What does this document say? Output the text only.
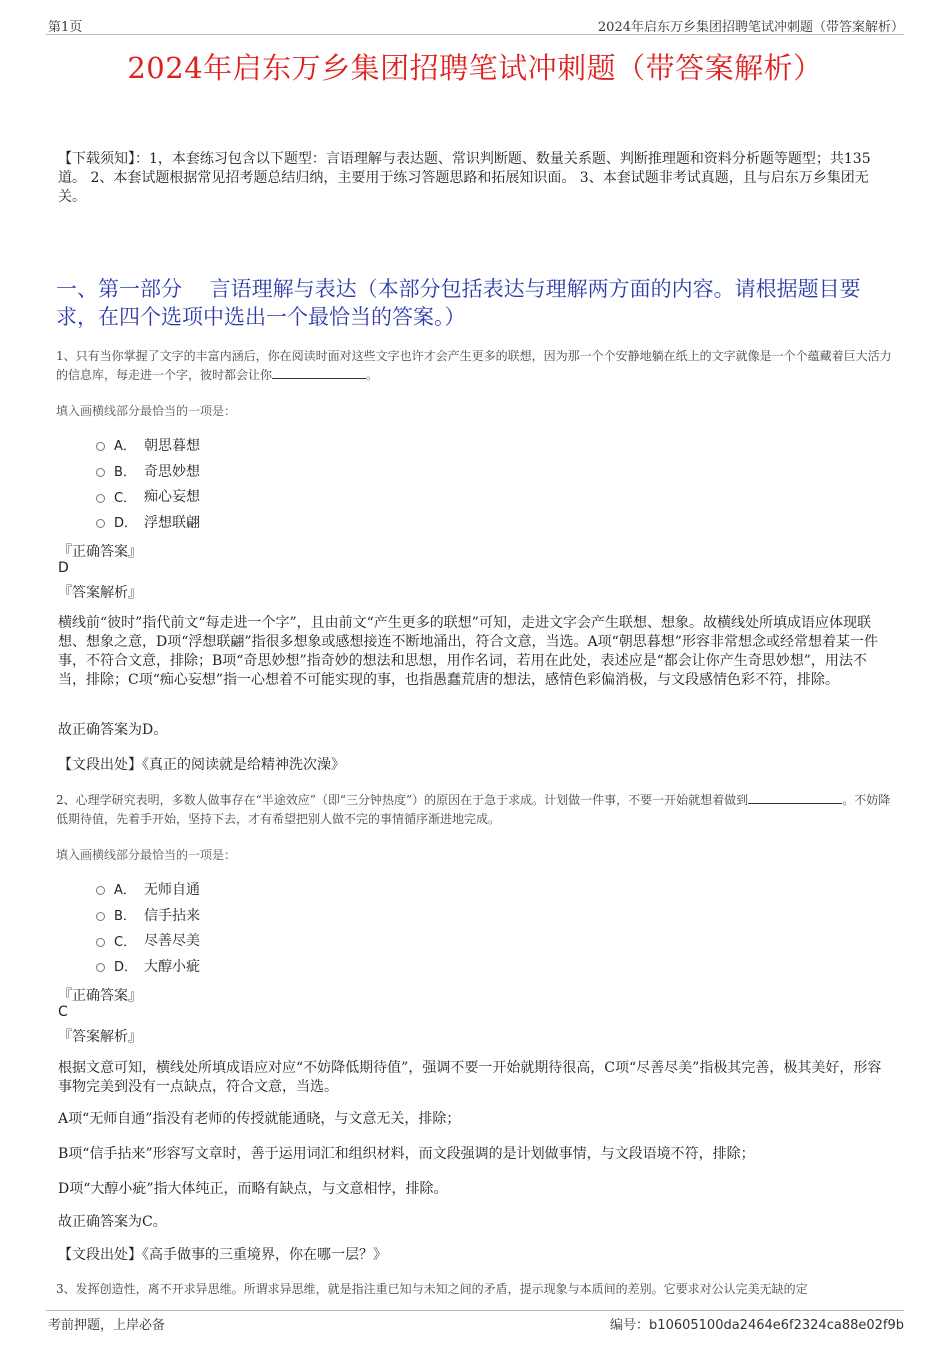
第1页	2024年启东万乡集团招聘笔试冲刺题（带答案解析）
2024年启东万乡集团招聘笔试冲刺题（带答案解析）
【下载须知】：1，本套练习包含以下题型：言语理解与表达题、常识判断题、数量关系题、判断推理题和资料分析题等题型；共135道。 2、本套试题根据常见招考题总结归纳，主要用于练习答题思路和拓展知识面。 3、本套试题非考试真题，且与启东万乡集团无关。
一、第一部分　 言语理解与表达（本部分包括表达与理解两方面的内容。请根据题目要求，在四个选项中选出一个最恰当的答案。）
1、只有当你掌握了文字的丰富内涵后，你在阅读时面对这些文字也许才会产生更多的联想，因为那一个个安静地躺在纸上的文字就像是一个个蕴藏着巨大活力的信息库，每走进一个字，彼时都会让你	。
填入画横线部分最恰当的一项是：
A． 朝思暮想
B． 奇思妙想
C． 痴心妄想
D． 浮想联翩
『正确答案』
D
『答案解析』
横线前“彼时”指代前文“每走进一个字”，且由前文“产生更多的联想”可知，走进文字会产生联想、想象。故横线处所填成语应体现联想、想象之意，D项“浮想联翩”指很多想象或感想接连不断地涌出，符合文意，当选。A项“朝思暮想”形容非常想念或经常想着某一件事，不符合文意，排除；B项“奇思妙想”指奇妙的想法和思想，用作名词，若用在此处，表述应是“都会让你产生奇思妙想”，用法不当，排除；C项“痴心妄想”指一心想着不可能实现的事，也指愚蠢荒唐的想法，感情色彩偏消极，与文段感情色彩不符，排除。
故正确答案为D。
【文段出处】《真正的阅读就是给精神洗次澡》
2、心理学研究表明，多数人做事存在“半途效应”（即“三分钟热度”）的原因在于急于求成。计划做一件事，不要一开始就想着做到	。不妨降低期待值，先着手开始，坚持下去，才有希望把别人做不完的事情循序渐进地完成。
填入画横线部分最恰当的一项是：
A． 无师自通
B． 信手拈来
C． 尽善尽美
D． 大醇小疵
『正确答案』
C
『答案解析』
根据文意可知，横线处所填成语应对应“不妨降低期待值”，强调不要一开始就期待很高，C项“尽善尽美”指极其完善，极其美好，形容事物完美到没有一点缺点，符合文意，当选。
A项“无师自通”指没有老师的传授就能通晓，与文意无关，排除；
B项“信手拈来”形容写文章时，善于运用词汇和组织材料，而文段强调的是计划做事情，与文段语境不符，排除；
D项“大醇小疵”指大体纯正，而略有缺点，与文意相悖，排除。
故正确答案为C。
【文段出处】《高手做事的三重境界，你在哪一层？》
3、发挥创造性，离不开求异思维。所谓求异思维，就是指注重已知与未知之间的矛盾，提示现象与本质间的差别。它要求对公认完美无缺的定
考前押题，上岸必备	编号：b10605100da2464e6f2324ca88e02f9b
